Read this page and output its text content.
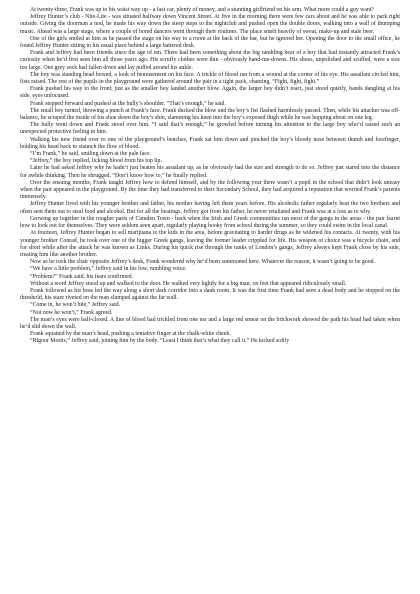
At twenty-three, Frank was up to his waist way up - a fast car, plenty of money, and a stunning girlfriend on his arm. What more could a guy want?

Jeffrey Hunter’s club - Nite-Lite - was situated halfway down Vincent Street. At five in the morning there were few cars about and he was able to park right outside. Giving the doorman a nod, he made his way down the steep steps to the nightclub and pushed open the double doors, walking into a wall of thumping music. Ahead was a large stage, where a couple of bored dancers went through their routines. The place smelt heavily of sweat, make-up and stale beer.

One of the girls smiled at him as he passed the stage on his way to a room at the back of the bar, but he ignored her. Opening the door to the small office, he found Jeffrey Hunter sitting in his usual place behind a large battered desk.

Frank and Jeffrey had been friends since the age of ten. There had been something about the big rambling bear of a boy that had instantly attracted Frank’s curiosity when he’d first seen him all those years ago. His scruffy clothes were thin - obviously hand-me-downs. His shoes, unpolished and scuffed, were a size too large. One grey sock had fallen down and lay puffed around his ankle.

The boy was standing head bowed, a look of bemusement on his face. A trickle of blood ran from a wound at the corner of his eye. His assailant circled him, fists raised. The rest of the pupils in the playground were gathered around the pair in a tight pack, chanting, “Fight, fight, fight.”

Frank pushed his way to the front, just as the smaller boy landed another blow. Again, the larger boy didn’t react, just stood quietly, hands dangling at his side, eyes unfocused.

Frank stepped forward and pushed at the bully’s shoulder. “That’s enough,” he said.

The small boy turned, throwing a punch at Frank’s face. Frank ducked the blow and the boy’s fist flashed harmlessly passed. Then, while his attacker was off-balance, he scraped the inside of his shoe down the boy’s shin, slamming his knee into the boy’s exposed thigh while he was hopping about on one leg.

The bully went down and Frank stood over him. “I said that’s enough,” he growled before turning his attention to the large boy who’d raised such an unexpected protective feeling in him.

Walking his new friend over to one of the playground’s benches, Frank sat him down and pinched the boy’s bloody nose between thumb and forefinger, holding his head back to staunch the flow of blood.

“I’m Frank,” he said, smiling down at the pale face.

“Jeffrey,” the boy replied, licking blood from his top lip.

Later he had asked Jeffrey why he hadn’t just beaten his assailant up, as he obviously had the size and strength to do so. Jeffrey just stared into the distance for awhile thinking. Then he shrugged. “Don’t know how to,” he finally replied.

Over the ensuing months, Frank taught Jeffrey how to defend himself, and by the following year there wasn’t a pupil in the school that didn’t look uneasy when the pair appeared in the playground. By the time they had transferred to their Secondary School, they had acquired a reputation that worried Frank’s parents immensely.

Jeffrey Hunter lived with his younger brother and father, his mother having left them years before. His alcoholic father regularly beat the two brothers and often sent them out to steal food and alcohol. But for all the beatings, Jeffrey got from his father, he never retaliated and Frank was at a loss as to why.

Growing up together in the rougher parts of Camden Town - back when the Irish and Greek communities ran most of the gangs in the areas - the pair learnt how to look out for themselves. They were seldom seen apart, regularly playing hooky from school during the summer, so they could swim in the local canal.

At fourteen, Jeffrey Hunter began to sell marijuana to the kids in the area, before gravitating to harder drugs as he widened his contacts. At twenty, with his younger brother Conrad, he took over one of the bigger Greek gangs, leaving the former leader crippled for life. His weapon of choice was a bicycle chain, and for short while after the attack he was known as Links. During his quick rise through the ranks of London’s gangs, Jeffrey always kept Frank close by his side, treating him like another brother.

Now as he took the chair opposite Jeffrey’s desk, Frank wondered why he’d been summoned here. Whatever the reason, it wasn’t going to be good.

“We have a little problem,” Jeffrey said in his low, rumbling voice.

“Problem?” Frank said, his fears confirmed.

Without a word Jeffrey stood up and walked to the door. He walked very lightly for a big man, on feet that appeared ridiculously small.

Frank followed as his boss led the way along a short dark corridor into a dank room. It was the first time Frank had seen a dead body and he stopped on the threshold, his stare riveted on the man slumped against the far wall.

“Come in, he won’t bite,” Jeffrey said.

“Not now he won’t,” Frank agreed.

The man’s eyes were half-closed. A line of blood had trickled from one ear and a large red smear on the brickwork showed the path his head had taken when he’d slid down the wall.

Frank squatted by the man’s head, pushing a tentative finger at the chalk-white cheek.

“Rigour Mortis,” Jeffrey said, joining him by the body. “Least I think that’s what they call it.” He kicked softly
